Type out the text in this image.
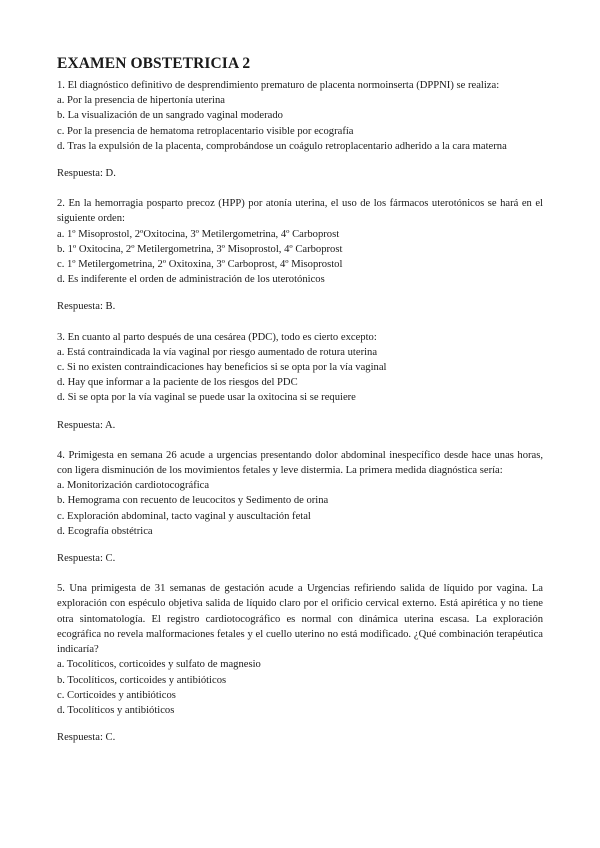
EXAMEN OBSTETRICIA 2

1. El diagnóstico definitivo de desprendimiento prematuro de placenta normoinserta (DPPNI) se realiza:

a. Por la presencia de hipertonía uterina

b. La visualización de un sangrado vaginal moderado

c. Por la presencia de hematoma retroplacentario visible por ecografía

d. Tras la expulsión de la placenta, comprobándose un coágulo retroplacentario adherido a la cara materna

Respuesta: D.

2. En la hemorragia posparto precoz (HPP) por atonía uterina, el uso de los fármacos uterotónicos se hará en el siguiente orden:

a. 1º Misoprostol, 2ºOxitocina, 3º Metilergometrina, 4º Carboprost

b. 1º Oxitocina, 2º Metilergometrina, 3º Misoprostol, 4º Carboprost

c. 1º Metilergometrina, 2º Oxitoxina, 3º Carboprost, 4º Misoprostol

d. Es indiferente el orden de administración de los uterotónicos

Respuesta: B.

3. En cuanto al parto después de una cesárea (PDC), todo es cierto excepto:

a. Está contraindicada la vía vaginal por riesgo aumentado de rotura uterina

c. Si no existen contraindicaciones hay beneficios si se opta por la vía vaginal

d. Hay que informar a la paciente de los riesgos del PDC

d. Si se opta por la vía vaginal se puede usar la oxitocina si se requiere

Respuesta: A.

4. Primigesta en semana 26 acude a urgencias presentando dolor abdominal inespecífico desde hace unas horas, con ligera disminución de los movimientos fetales y leve distermia. La primera medida diagnóstica sería:

a. Monitorización cardiotocográfica

b. Hemograma con recuento de leucocitos y Sedimento de orina

c. Exploración abdominal, tacto vaginal y auscultación fetal

d. Ecografía obstétrica

Respuesta: C.

5. Una primigesta de 31 semanas de gestación acude a Urgencias refiriendo salida de líquido por vagina. La exploración con espéculo objetiva salida de líquido claro por el orificio cervical externo. Está apirética y no tiene otra sintomatología. El registro cardiotocográfico es normal con dinámica uterina escasa. La exploración ecográfica no revela malformaciones fetales y el cuello uterino no está modificado. ¿Qué combinación terapéutica indicaría?

a. Tocolíticos, corticoides y sulfato de magnesio

b. Tocolíticos, corticoides y antibióticos

c. Corticoides y antibióticos

d. Tocolíticos y antibióticos

Respuesta: C.
